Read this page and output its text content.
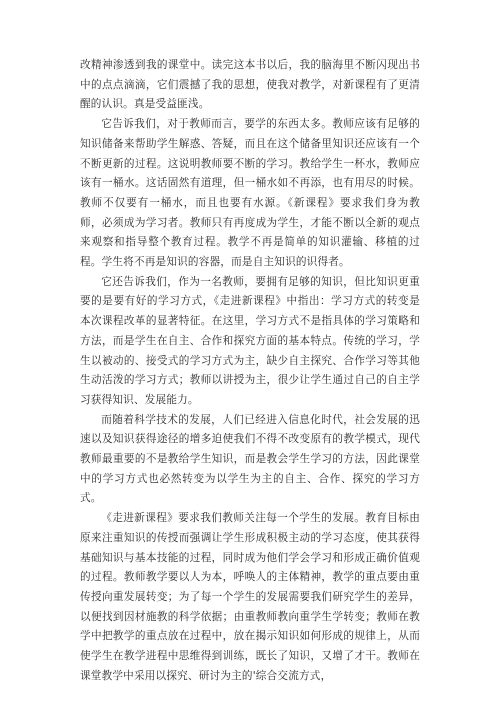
改精神渗透到我的课堂中。读完这本书以后，我的脑海里不断闪现出书中的点点滴滴，它们震撼了我的思想，使我对教学，对新课程有了更清醒的认识。真是受益匪浅。

它告诉我们，对于教师而言，要学的东西太多。教师应该有足够的知识储备来帮助学生解惑、答疑，而且在这个储备里知识还应该有一个不断更新的过程。这说明教师要不断的学习。教给学生一杯水，教师应该有一桶水。这话固然有道理，但一桶水如不再添，也有用尽的时候。教师不仅要有一桶水，而且也要有水源。《新课程》要求我们身为教师，必须成为学习者。教师只有再度成为学生，才能不断以全新的观点来观察和指导整个教育过程。教学不再是简单的知识灌输、移植的过程。学生将不再是知识的容器，而是自主知识的识得者。

它还告诉我们，作为一名教师，要拥有足够的知识，但比知识更重要的是要有好的学习方式，《走进新课程》中指出：学习方式的转变是本次课程改革的显著特征。在这里，学习方式不是指具体的学习策略和方法，而是学生在自主、合作和探究方面的基本特点。传统的学习，学生以被动的、接受式的学习方式为主，缺少自主探究、合作学习等其他生动活泼的学习方式；教师以讲授为主，很少让学生通过自己的自主学习获得知识、发展能力。

而随着科学技术的发展，人们已经进入信息化时代，社会发展的迅速以及知识获得途径的增多迫使我们不得不改变原有的教学模式，现代教师最重要的不是教给学生知识，而是教会学生学习的方法，因此课堂中的学习方式也必然转变为以学生为主的自主、合作、探究的学习方式。

《走进新课程》要求我们教师关注每一个学生的发展。教育目标由原来注重知识的传授而强调让学生形成积极主动的学习态度，使其获得基础知识与基本技能的过程，同时成为他们学会学习和形成正确价值观的过程。教师教学要以人为本，呼唤人的主体精神，教学的重点要由重传授向重发展转变；为了每一个学生的发展需要我们研究学生的差异，以便找到因材施教的科学依据；由重教师教向重学生学转变；教师在教学中把教学的重点放在过程中，放在揭示知识如何形成的规律上，从而使学生在教学进程中思维得到训练，既长了知识，又增了才干。教师在课堂教学中采用以探究、研讨为主的'综合交流方式，
